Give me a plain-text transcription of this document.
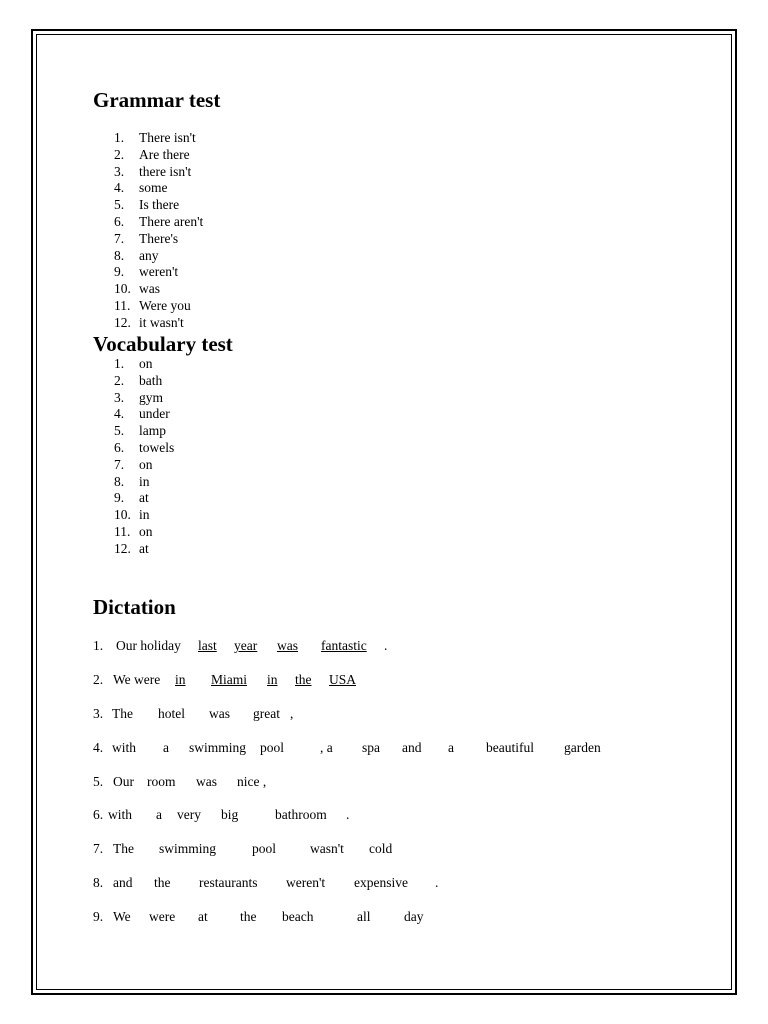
Grammar test
1. There isn't
2. Are there
3. there isn't
4. some
5. Is there
6. There aren't
7. There's
8. any
9. weren't
10. was
11. Were you
12. it wasn't
Vocabulary test
1. on
2. bath
3. gym
4. under
5. lamp
6. towels
7. on
8. in
9. at
10. in
11. on
12. at
Dictation
1. Our holiday last year was fantastic .
2. We were in Miami in the USA
3. The hotel was great ,
4. with a swimming pool	, a spa and a beautiful garden
5. Our room was nice ,
6. with a very big	bathroom .
7. The swimming	pool	wasn't cold
8. and the restaurants weren't expensive .
9. We were at the beach	all day
